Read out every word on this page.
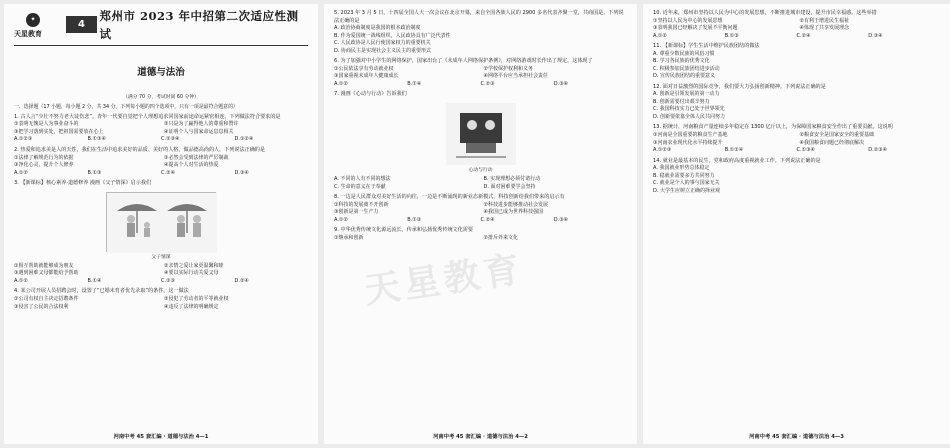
✦
天星教育
4
郑州市 2023 年中招第二次适应性测试
道德与法治
（满分 70 分，考试时间 60 分钟）
一、选择题（17 小题，每小题 2 分，共 34 分。下列每小题的四个选项中，只有一项是最符合题意的）
1. 古人言“少壮不努力老大徒伤悲”。青年一代要自觉把个人理想追求同国家前途命运紧密相连，下列做法符合要求的是
①表明无愧是人为事业奋斗的	②只是为了赢得他人的尊重和赞许
③把学习落到实处，把祖国需要放在心上	④证明个人与国家命运息息相关
A.①②③	B.①③④	C.②③④	D.①②④
2. 热爱和追求美是人的天性，我们在生活中追求美好的品质、美好的人格，做品德高尚的人，下列说法正确的是
①法律了解规范行为的依据	②必然会受到法律的严厉制裁
③净化心灵，提升个人修养	④提高个人对生活的热爱
A.①②	B.①③	C.②④	D.③④
3. 【新课标】核心素养·道德修养 漫画《父子情深》启示我们
父子情深
①相互帮助就能够成为朋友	②亲情之爱让家更温馨和睦
③遇到困难父母都能给予帮助	④要以实际行动关爱父母
A.①②	B.①④	C.②③	D.②④
4. 某公司开展人员招聘会时，设置了“已婚未育者优先录取”的条件，这一做法
①公司有权自主决定招聘条件	②侵犯了劳动者的平等就业权
③侵害了公民的合法权利	④违反了法律的明确规定
河南中考 45 套汇编 · 道德与法治 4—1
天星教育
5. 2023 年 3 月 5 日，十四届全国人大一次会议在北京开幕，来自全国各族人民的 2900 多名代表齐聚一堂，共商国是。下列说法正确的是
A. 政治协商制度是我国的根本政治制度
B. 作为爱国统一战线组织，人民政协具有广泛代表性
C. 人民政协是人民行使国家权力的重要机关
D. 协商民主是实现社会主义民主的重要形式
6. 为了加强对中小学生的网络保护，国家出台了《未成年人网络保护条例》，对网络游戏时长作出了规定。这体现了
①公民依法享有劳动就业权	②学校保护权利和义务
③国家重视未成年人健康成长	④网络平台应当承担社会责任
A.①②	B.①④	C.②③	D.③④
7. 漫画《心动与行动》告诉我们
心动与行动
A. 不同的人有不同的想法	B. 实现理想必须付诸行动
C. 生命的意义在于奉献	D. 面对困难要学会坚持
8. 一边是人民群众对美好生活的向往，一边是不断涌现的新业态新模式。科技创新给我们带来的启示有
①科技的发展离不开创新	②科技进步能够推动社会发展
③创新是第一生产力	④我国已成为世界科技强国
A.①②	B.①③	C.②④	D.③④
9. 中华优秀传统文化源远流长，传承和弘扬优秀传统文化需要
①继承和创新	②排斥外来文化
河南中考 45 套汇编 · 道德与法治 4—2
10. 近年来，郑州市坚持以人民为中心的发展思想，不断推进城市建设，提升市民幸福感。这些举措
①坚持以人民为中心的发展思想	②有利于增进民生福祉
③表明我国已经解决了发展不平衡问题	④体现了共享发展理念
A.①②	B.①③	C.②④	D.③④
11. 【新课标】学生生活中维护民族团结的做法
A. 尊重少数民族的风俗习惯
B. 学习各民族的优秀文化
C. 积极参加民族团结进步活动
D. 宣传民族团结的重要意义
12. 面对日益激烈的国际竞争，我们要大力弘扬创新精神。下列说法正确的是
A. 创新是引领发展的第一动力
B. 创新需要付出艰辛努力
C. 我国科技实力已处于世界领先
D. 创新要依靠全体人民共同努力
13. 据统计，河南粮食产量连续多年稳定在 1300 亿斤以上，为保障国家粮食安全作出了重要贡献。这说明
①河南是全国重要的粮食生产基地	②粮食安全是国家安全的重要基础
③河南农业现代化水平持续提升	④我国粮食问题已经彻底解决
A.①②③	B.①②④	C.①③④	D.②③④
14. 就业是最基本的民生，党和政府高度重视就业工作。下列说法正确的是
A. 我国就业形势总体稳定
B. 稳就业需要多方共同努力
C. 就业是个人的事与国家无关
D. 大学生应树立正确的择业观
河南中考 45 套汇编 · 道德与法治 4—3
